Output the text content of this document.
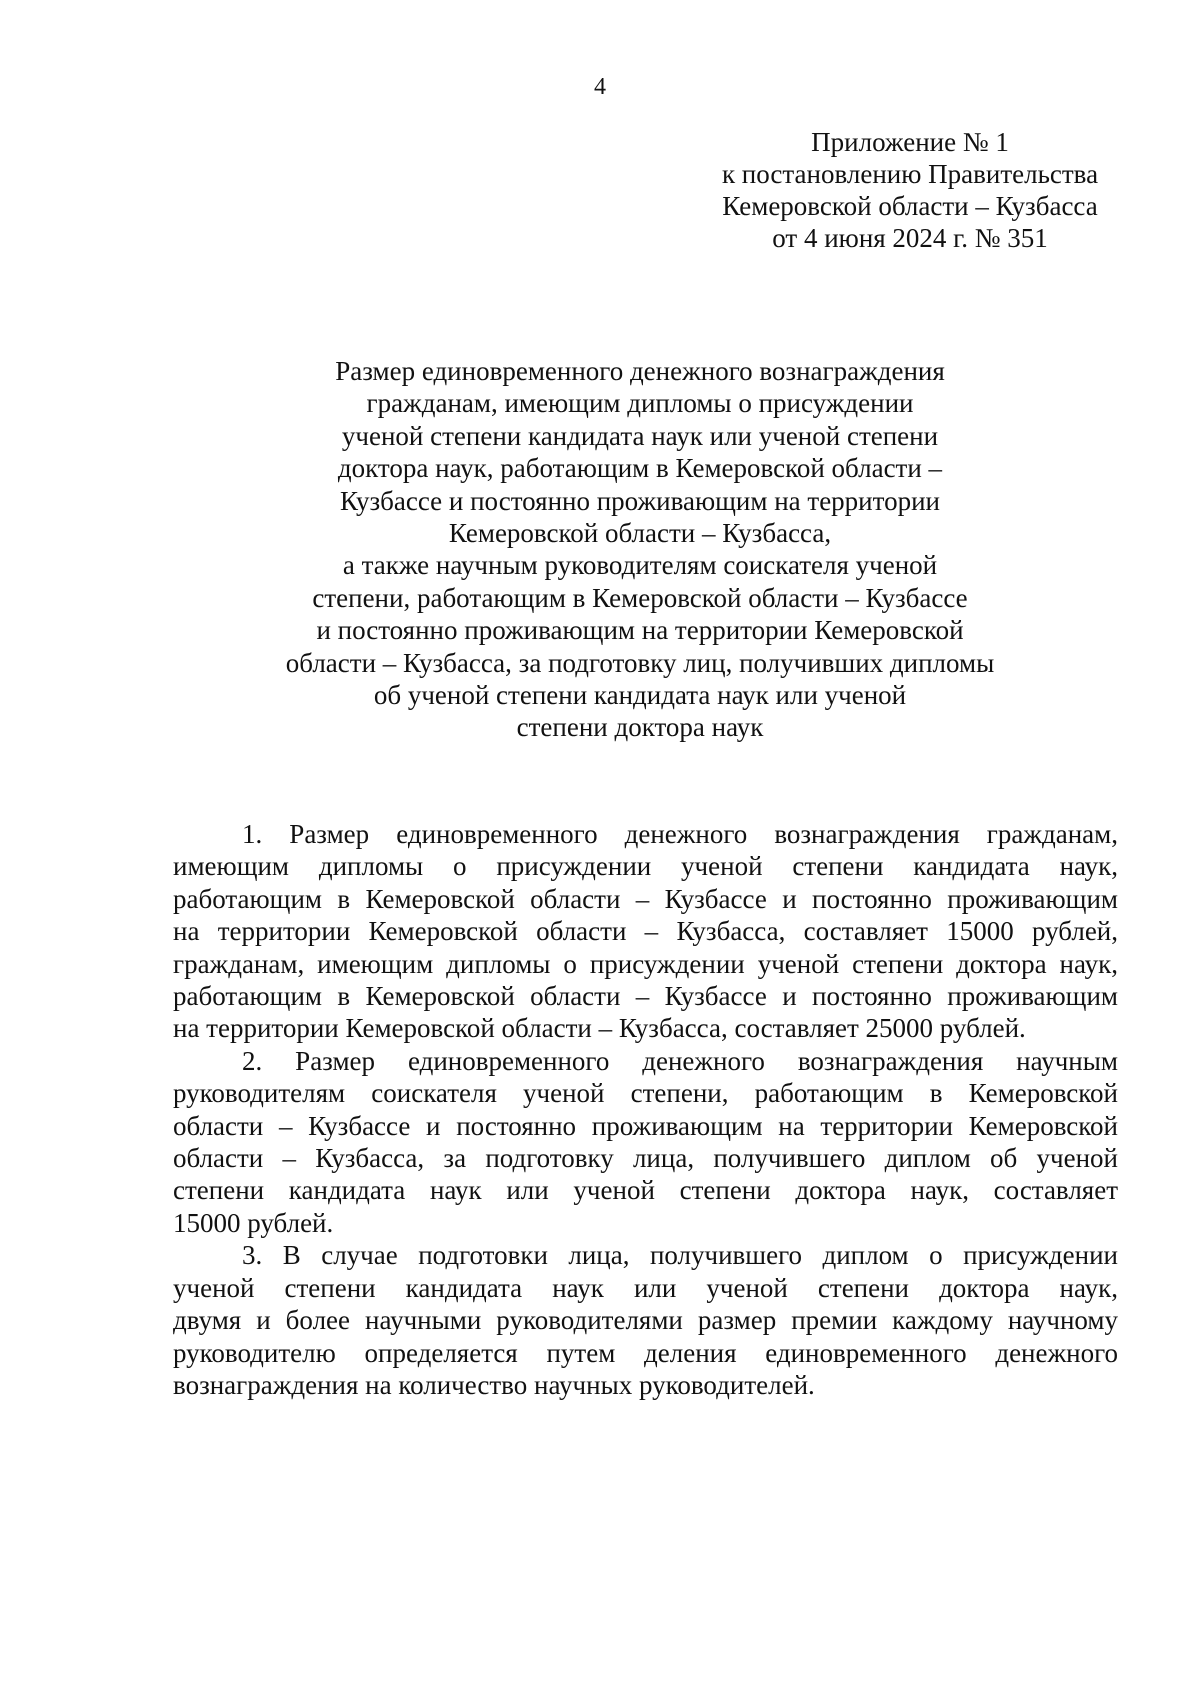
4
Приложение № 1
к постановлению Правительства
Кемеровской области – Кузбасса
от 4 июня 2024 г. № 351
Размер единовременного денежного вознаграждения
гражданам, имеющим дипломы о присуждении
ученой степени кандидата наук или ученой степени
доктора наук, работающим в Кемеровской области –
Кузбассе и постоянно проживающим на территории
Кемеровской области – Кузбасса,
а также научным руководителям соискателя ученой
степени, работающим в Кемеровской области – Кузбассе
и постоянно проживающим на территории Кемеровской
области – Кузбасса, за подготовку лиц, получивших дипломы
об ученой степени кандидата наук или ученой
степени доктора наук
1. Размер единовременного денежного вознаграждения гражданам,
имеющим дипломы о присуждении ученой степени кандидата наук,
работающим в Кемеровской области – Кузбассе и постоянно проживающим
на территории Кемеровской области – Кузбасса, составляет 15000 рублей,
гражданам, имеющим дипломы о присуждении ученой степени доктора наук,
работающим в Кемеровской области – Кузбассе и постоянно проживающим
на территории Кемеровской области – Кузбасса, составляет 25000 рублей.
2. Размер единовременного денежного вознаграждения научным
руководителям соискателя ученой степени, работающим в Кемеровской
области – Кузбассе и постоянно проживающим на территории Кемеровской
области – Кузбасса, за подготовку лица, получившего диплом об ученой
степени кандидата наук или ученой степени доктора наук, составляет
15000 рублей.
3. В случае подготовки лица, получившего диплом о присуждении
ученой степени кандидата наук или ученой степени доктора наук,
двумя и более научными руководителями размер премии каждому научному
руководителю определяется путем деления единовременного денежного
вознаграждения на количество научных руководителей.
